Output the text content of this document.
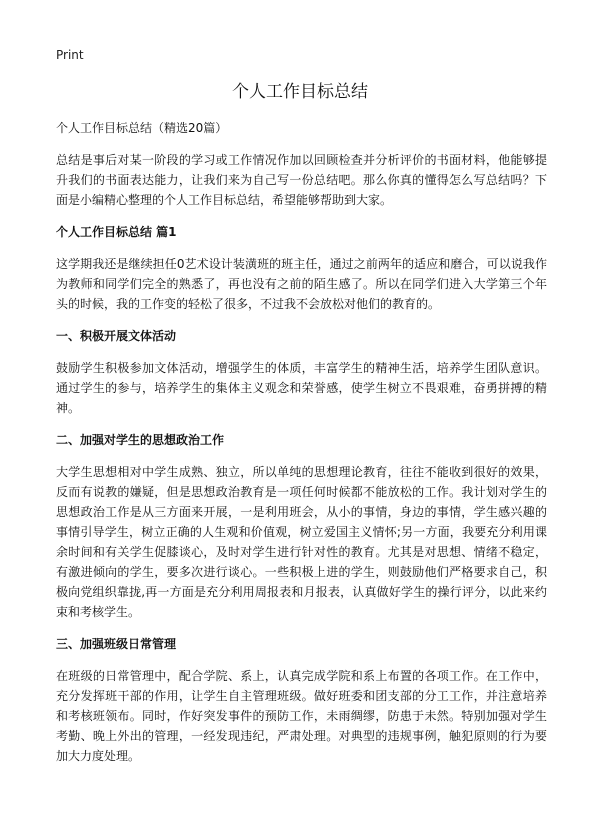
Print
个人工作目标总结

个人工作目标总结（精选20篇）

总结是事后对某一阶段的学习或工作情况作加以回顾检查并分析评价的书面材料，他能够提升我们的书面表达能力，让我们来为自己写一份总结吧。那么你真的懂得怎么写总结吗？下面是小编精心整理的个人工作目标总结，希望能够帮助到大家。

个人工作目标总结 篇1

这学期我还是继续担任0艺术设计装潢班的班主任，通过之前两年的适应和磨合，可以说我作为教师和同学们完全的熟悉了，再也没有之前的陌生感了。所以在同学们进入大学第三个年头的时候，我的工作变的轻松了很多，不过我不会放松对他们的教育的。

一、积极开展文体活动

鼓励学生积极参加文体活动，增强学生的体质，丰富学生的精神生活，培养学生团队意识。通过学生的参与，培养学生的集体主义观念和荣誉感，使学生树立不畏艰难，奋勇拼搏的精神。

二、加强对学生的思想政治工作

大学生思想相对中学生成熟、独立，所以单纯的思想理论教育，往往不能收到很好的效果，反而有说教的嫌疑，但是思想政治教育是一项任何时候都不能放松的工作。我计划对学生的思想政治工作是从三方面来开展，一是利用班会，从小的事情，身边的事情，学生感兴趣的事情引导学生，树立正确的人生观和价值观，树立爱国主义情怀;另一方面，我要充分利用课余时间和有关学生促膝谈心，及时对学生进行针对性的教育。尤其是对思想、情绪不稳定，有激进倾向的学生，要多次进行谈心。一些积极上进的学生，则鼓励他们严格要求自己，积极向党组织靠拢,再一方面是充分利用周报表和月报表，认真做好学生的操行评分，以此来约束和考核学生。

三、加强班级日常管理

在班级的日常管理中，配合学院、系上，认真完成学院和系上布置的各项工作。在工作中，充分发挥班干部的作用，让学生自主管理班级。做好班委和团支部的分工工作，并注意培养和考核班领布。同时，作好突发事件的预防工作，未雨绸缪，防患于未然。特别加强对学生考勤、晚上外出的管理，一经发现违纪，严肃处理。对典型的违规事例，触犯原则的行为要加大力度处理。
